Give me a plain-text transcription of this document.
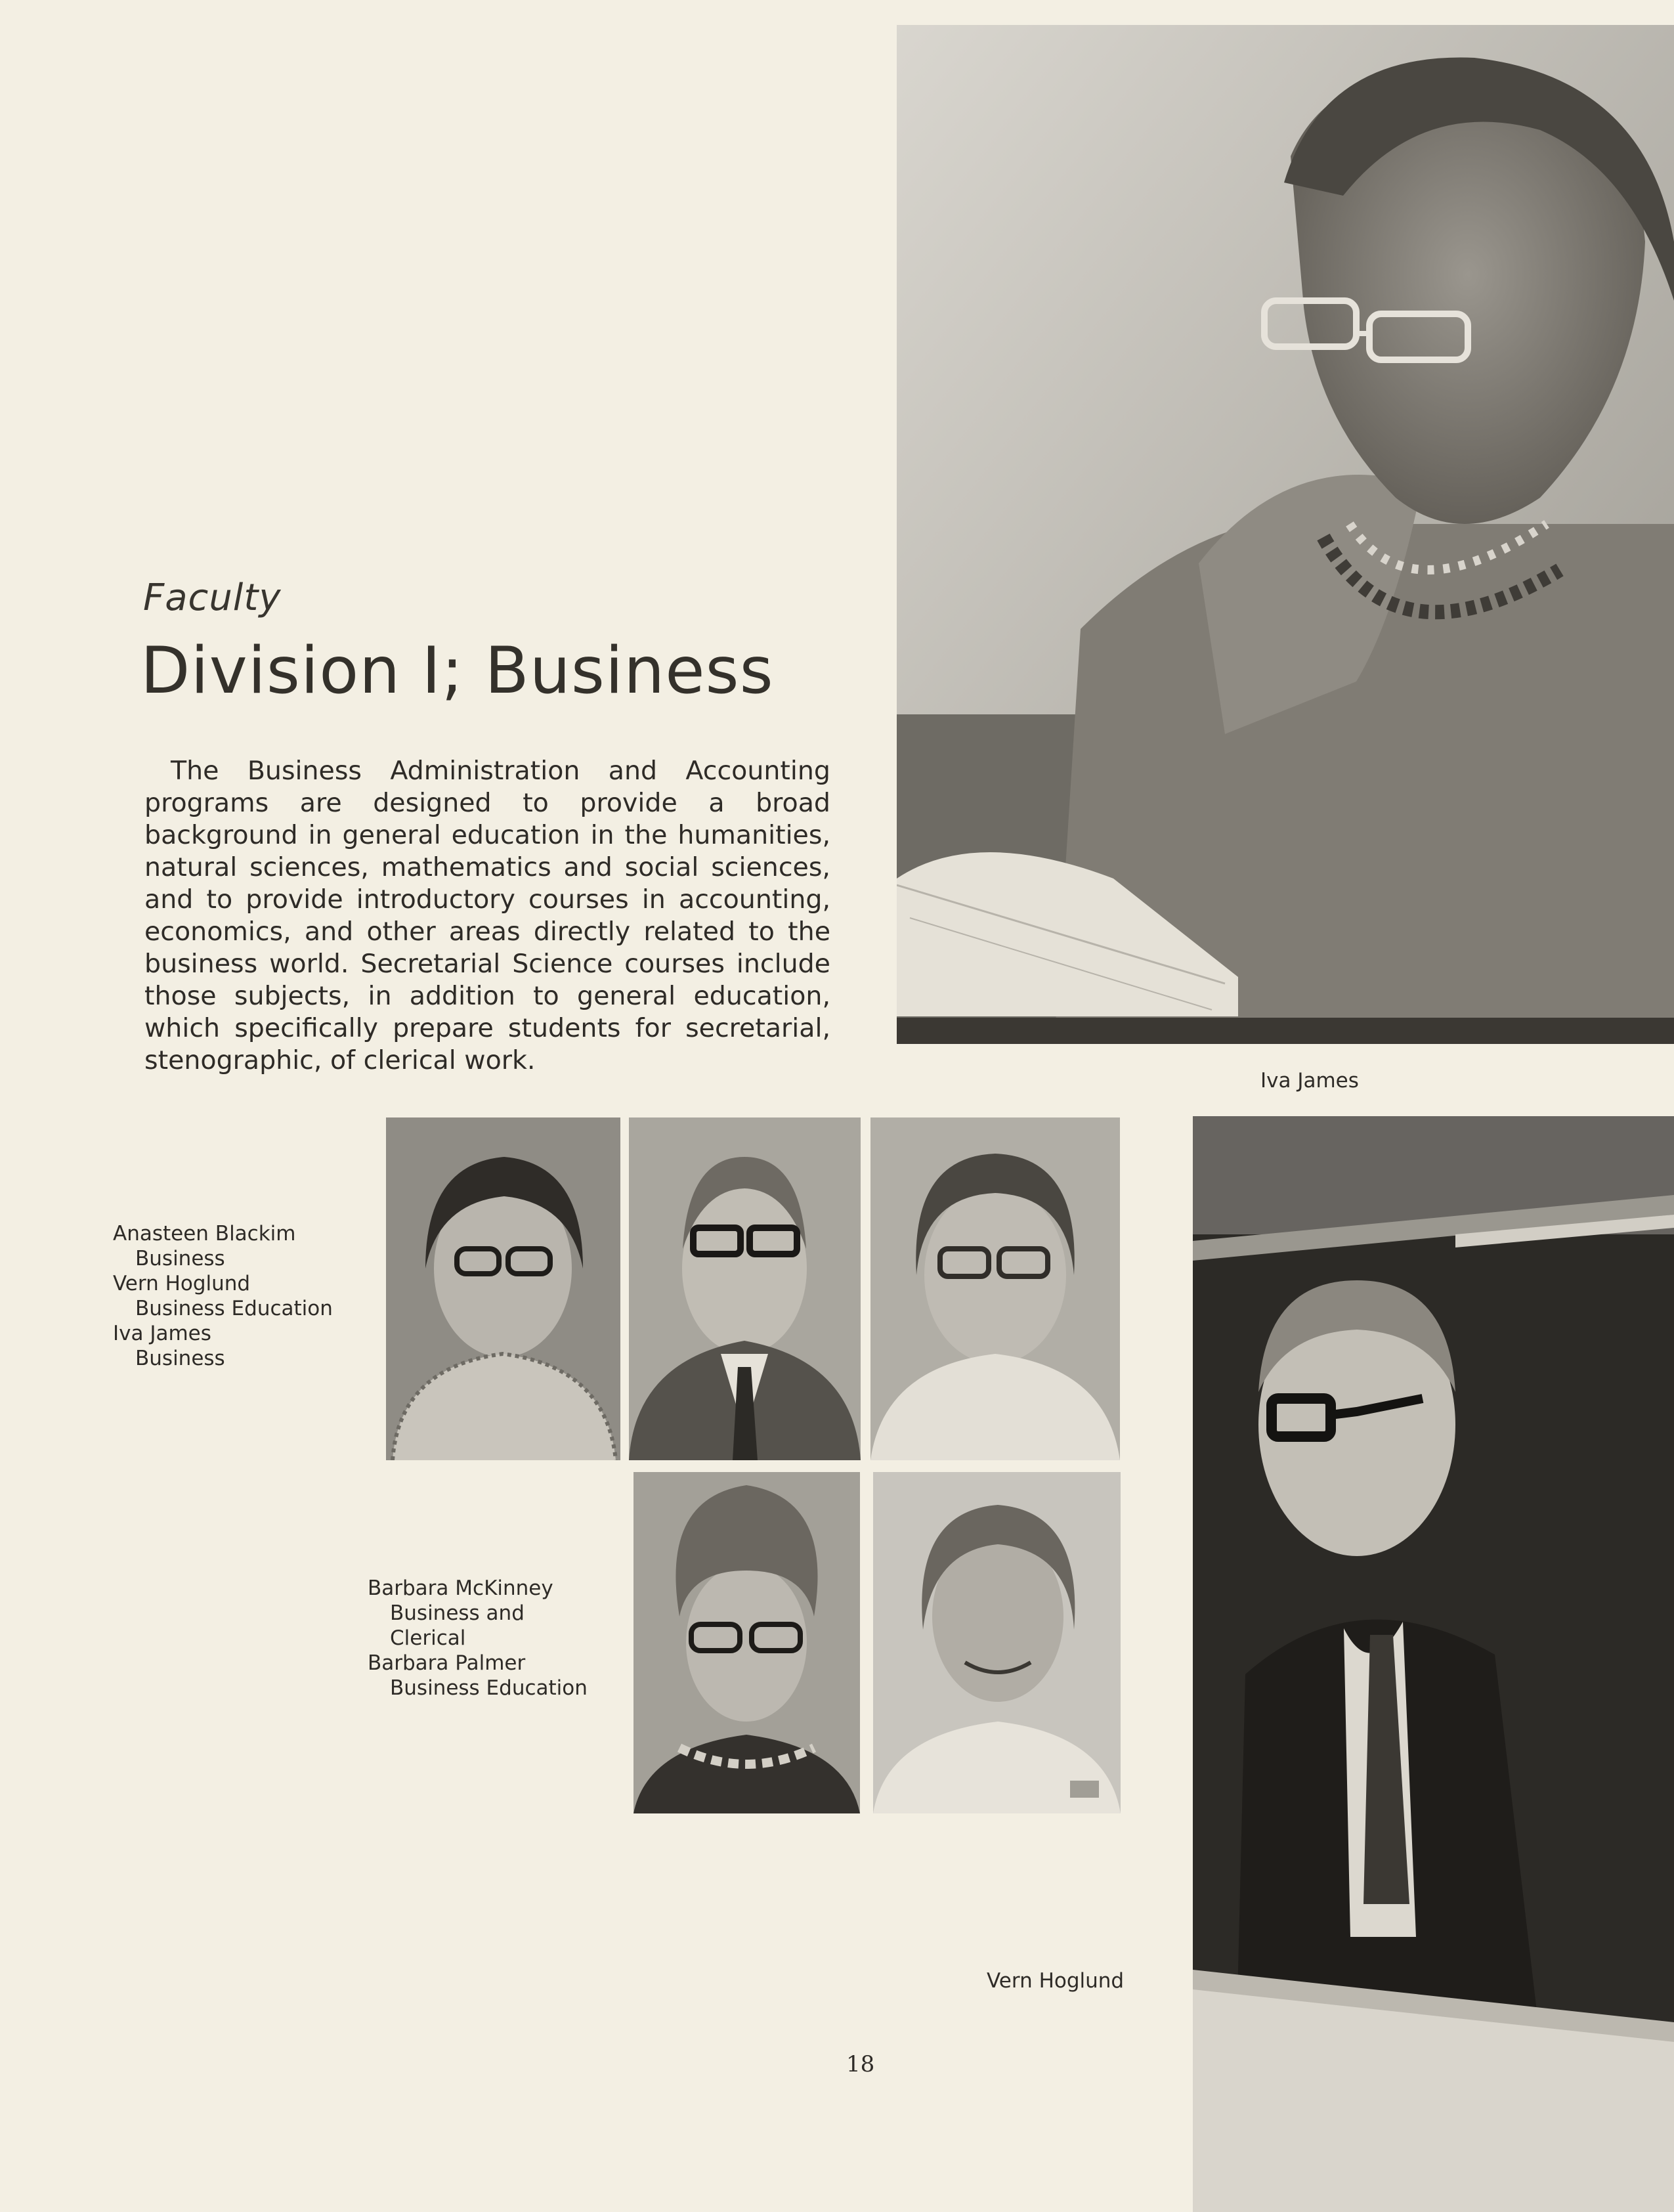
Faculty
Division I; Business

The Business Administration and Accounting programs are designed to provide a broad background in general education in the humanities, natural sciences, mathematics and social sciences, and to provide introductory courses in accounting, economics, and other areas directly related to the business world. Secretarial Science courses include those subjects, in addition to general education, which specifically prepare students for secretarial, stenographic, of clerical work.

Iva James
Anasteen Blackim
Business
Vern Hoglund
Business Education
Iva James
Business
Barbara McKinney
Business and
Clerical
Barbara Palmer
Business Education
Vern Hoglund
18
